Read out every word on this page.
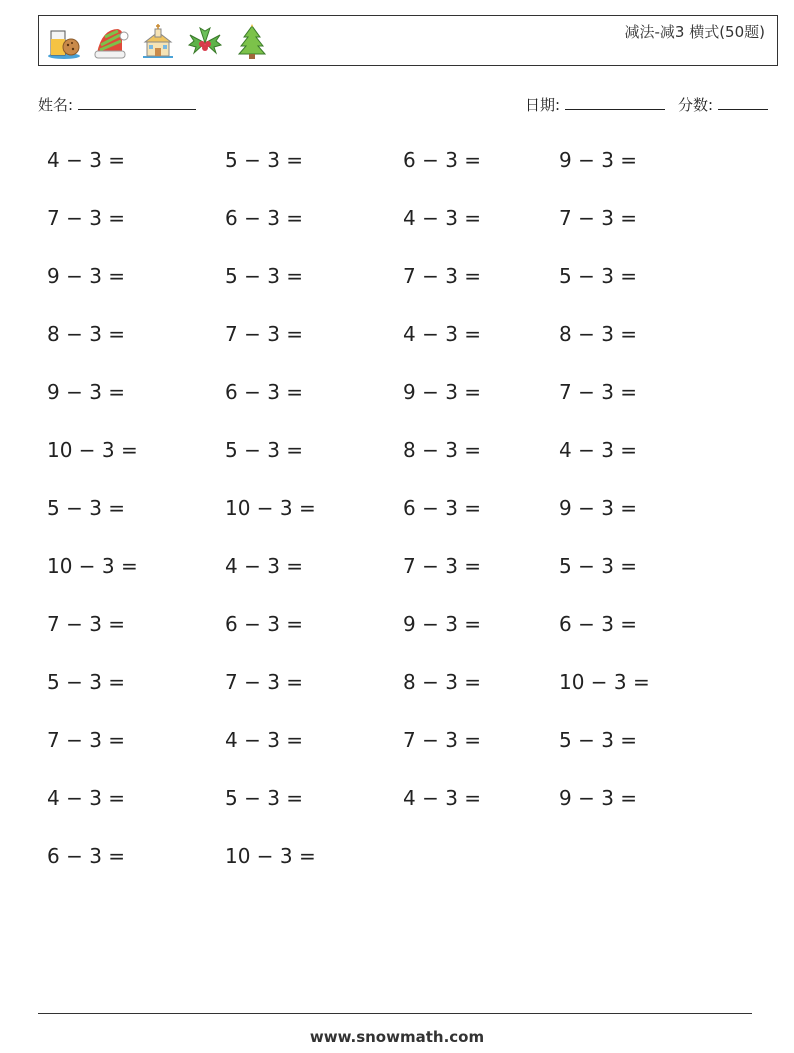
减法-减3 横式(50题)
姓名:	日期:	分数:
4 − 3 =	5 − 3 =	6 − 3 =	9 − 3 =
7 − 3 =	6 − 3 =	4 − 3 =	7 − 3 =
9 − 3 =	5 − 3 =	7 − 3 =	5 − 3 =
8 − 3 =	7 − 3 =	4 − 3 =	8 − 3 =
9 − 3 =	6 − 3 =	9 − 3 =	7 − 3 =
10 − 3 =	5 − 3 =	8 − 3 =	4 − 3 =
5 − 3 =	10 − 3 =	6 − 3 =	9 − 3 =
10 − 3 =	4 − 3 =	7 − 3 =	5 − 3 =
7 − 3 =	6 − 3 =	9 − 3 =	6 − 3 =
5 − 3 =	7 − 3 =	8 − 3 =	10 − 3 =
7 − 3 =	4 − 3 =	7 − 3 =	5 − 3 =
4 − 3 =	5 − 3 =	4 − 3 =	9 − 3 =
6 − 3 =	10 − 3 =
www.snowmath.com
